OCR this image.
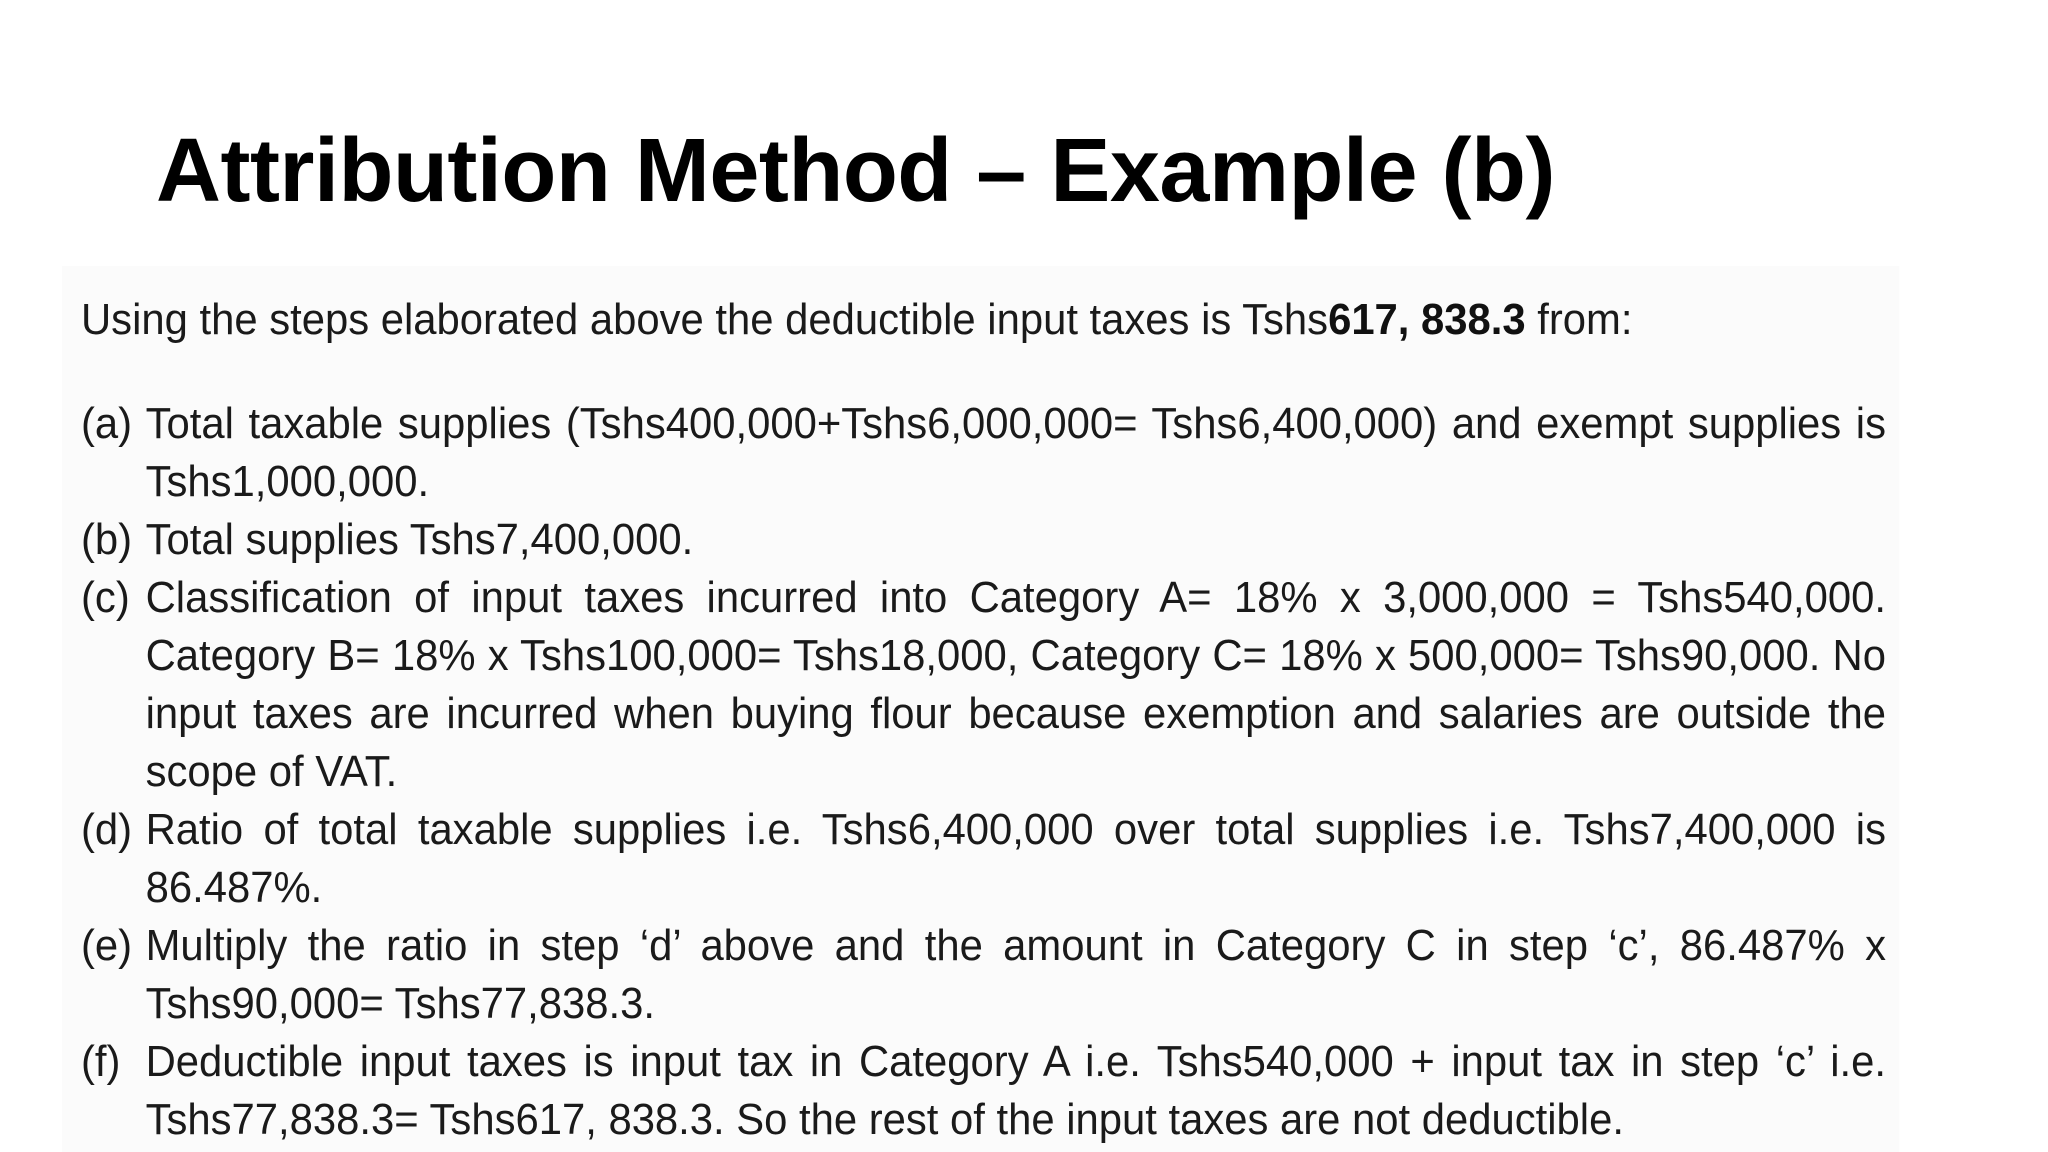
Attribution Method – Example (b)

Using the steps elaborated above the deductible input taxes is Tshs617, 838.3 from:

(a) Total taxable supplies (Tshs400,000+Tshs6,000,000= Tshs6,400,000) and exempt supplies is Tshs1,000,000.
(b) Total supplies Tshs7,400,000.
(c) Classification of input taxes incurred into Category A= 18% x 3,000,000 = Tshs540,000. Category B= 18% x Tshs100,000= Tshs18,000, Category C= 18% x 500,000= Tshs90,000. No input taxes are incurred when buying flour because exemption and salaries are outside the scope of VAT.
(d) Ratio of total taxable supplies i.e. Tshs6,400,000 over total supplies i.e. Tshs7,400,000 is 86.487%.
(e) Multiply the ratio in step ‘d’ above and the amount in Category C in step ‘c’, 86.487% x Tshs90,000= Tshs77,838.3.
(f) Deductible input taxes is input tax in Category A i.e. Tshs540,000 + input tax in step ‘c’ i.e. Tshs77,838.3= Tshs617, 838.3. So the rest of the input taxes are not deductible.
